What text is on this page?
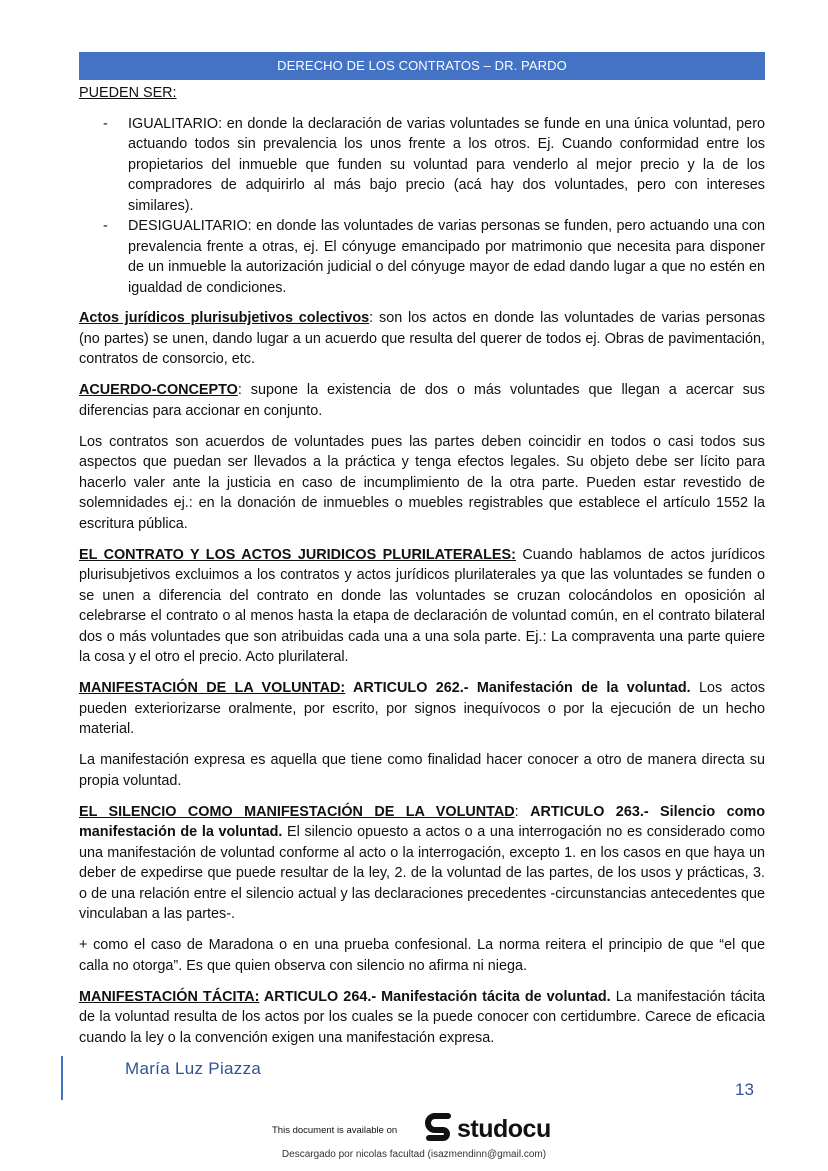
DERECHO DE LOS CONTRATOS – DR. PARDO
PUEDEN SER:
- IGUALITARIO: en donde la declaración de varias voluntades se funde en una única voluntad, pero actuando todos sin prevalencia los unos frente a los otros. Ej. Cuando conformidad entre los propietarios del inmueble que funden su voluntad para venderlo al mejor precio y la de los compradores de adquirirlo al más bajo precio (acá hay dos voluntades, pero con intereses similares).
- DESIGUALITARIO: en donde las voluntades de varias personas se funden, pero actuando una con prevalencia frente a otras, ej. El cónyuge emancipado por matrimonio que necesita para disponer de un inmueble la autorización judicial o del cónyuge mayor de edad dando lugar a que no estén en igualdad de condiciones.

Actos jurídicos plurisubjetivos colectivos: son los actos en donde las voluntades de varias personas (no partes) se unen, dando lugar a un acuerdo que resulta del querer de todos ej. Obras de pavimentación, contratos de consorcio, etc.

ACUERDO-CONCEPTO: supone la existencia de dos o más voluntades que llegan a acercar sus diferencias para accionar en conjunto.

Los contratos son acuerdos de voluntades pues las partes deben coincidir en todos o casi todos sus aspectos que puedan ser llevados a la práctica y tenga efectos legales. Su objeto debe ser lícito para hacerlo valer ante la justicia en caso de incumplimiento de la otra parte. Pueden estar revestido de solemnidades ej.: en la donación de inmuebles o muebles registrables que establece el artículo 1552 la escritura pública.

EL CONTRATO Y LOS ACTOS JURIDICOS PLURILATERALES: Cuando hablamos de actos jurídicos plurisubjetivos excluimos a los contratos y actos jurídicos plurilaterales ya que las voluntades se funden o se unen a diferencia del contrato en donde las voluntades se cruzan colocándolos en oposición al celebrarse el contrato o al menos hasta la etapa de declaración de voluntad común, en el contrato bilateral dos o más voluntades que son atribuidas cada una a una sola parte. Ej.: La compraventa una parte quiere la cosa y el otro el precio. Acto plurilateral.

MANIFESTACIÓN DE LA VOLUNTAD: ARTICULO 262.- Manifestación de la voluntad. Los actos pueden exteriorizarse oralmente, por escrito, por signos inequívocos o por la ejecución de un hecho material.

La manifestación expresa es aquella que tiene como finalidad hacer conocer a otro de manera directa su propia voluntad.

EL SILENCIO COMO MANIFESTACIÓN DE LA VOLUNTAD: ARTICULO 263.- Silencio como manifestación de la voluntad. El silencio opuesto a actos o a una interrogación no es considerado como una manifestación de voluntad conforme al acto o la interrogación, excepto 1. en los casos en que haya un deber de expedirse que puede resultar de la ley, 2. de la voluntad de las partes, de los usos y prácticas, 3. o de una relación entre el silencio actual y las declaraciones precedentes -circunstancias antecedentes que vinculaban a las partes-.

+ como el caso de Maradona o en una prueba confesional. La norma reitera el principio de que “el que calla no otorga”. Es que quien observa con silencio no afirma ni niega.

MANIFESTACIÓN TÁCITA: ARTICULO 264.- Manifestación tácita de voluntad. La manifestación tácita de la voluntad resulta de los actos por los cuales se la puede conocer con certidumbre. Carece de eficacia cuando la ley o la convención exigen una manifestación expresa.

María Luz Piazza
13
This document is available on studocu
Descargado por nicolas facultad (isazmendinn@gmail.com)
